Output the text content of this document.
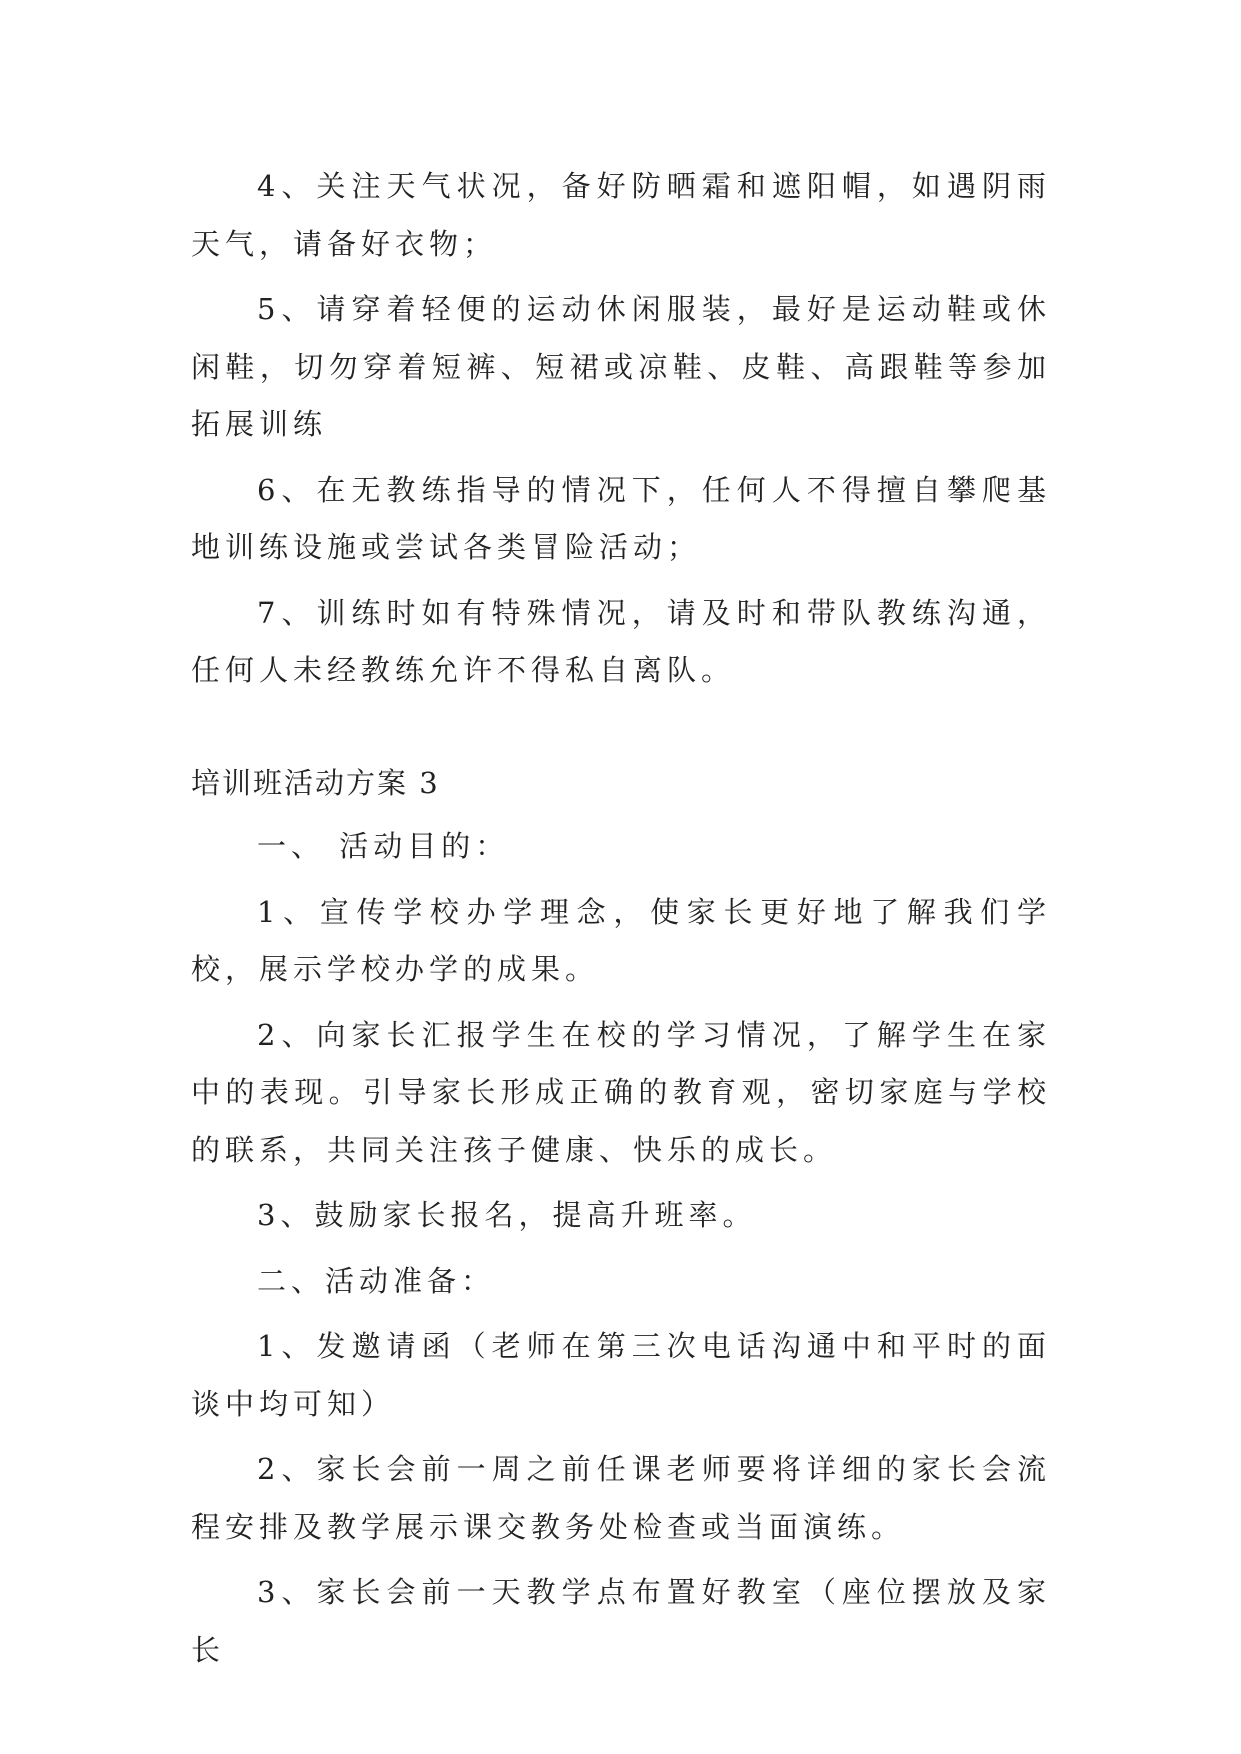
4、关注天气状况，备好防晒霜和遮阳帽，如遇阴雨天气，请备好衣物；

5、请穿着轻便的运动休闲服装，最好是运动鞋或休闲鞋，切勿穿着短裤、短裙或凉鞋、皮鞋、高跟鞋等参加拓展训练

6、在无教练指导的情况下，任何人不得擅自攀爬基地训练设施或尝试各类冒险活动；

7、训练时如有特殊情况，请及时和带队教练沟通，任何人未经教练允许不得私自离队。

培训班活动方案 3

一、 活动目的：

1、宣传学校办学理念，使家长更好地了解我们学校，展示学校办学的成果。

2、向家长汇报学生在校的学习情况，了解学生在家中的表现。引导家长形成正确的教育观，密切家庭与学校的联系，共同关注孩子健康、快乐的成长。

3、鼓励家长报名，提高升班率。

二、活动准备：

1、发邀请函（老师在第三次电话沟通中和平时的面谈中均可知）

2、家长会前一周之前任课老师要将详细的家长会流程安排及教学展示课交教务处检查或当面演练。

3、家长会前一天教学点布置好教室（座位摆放及家长
